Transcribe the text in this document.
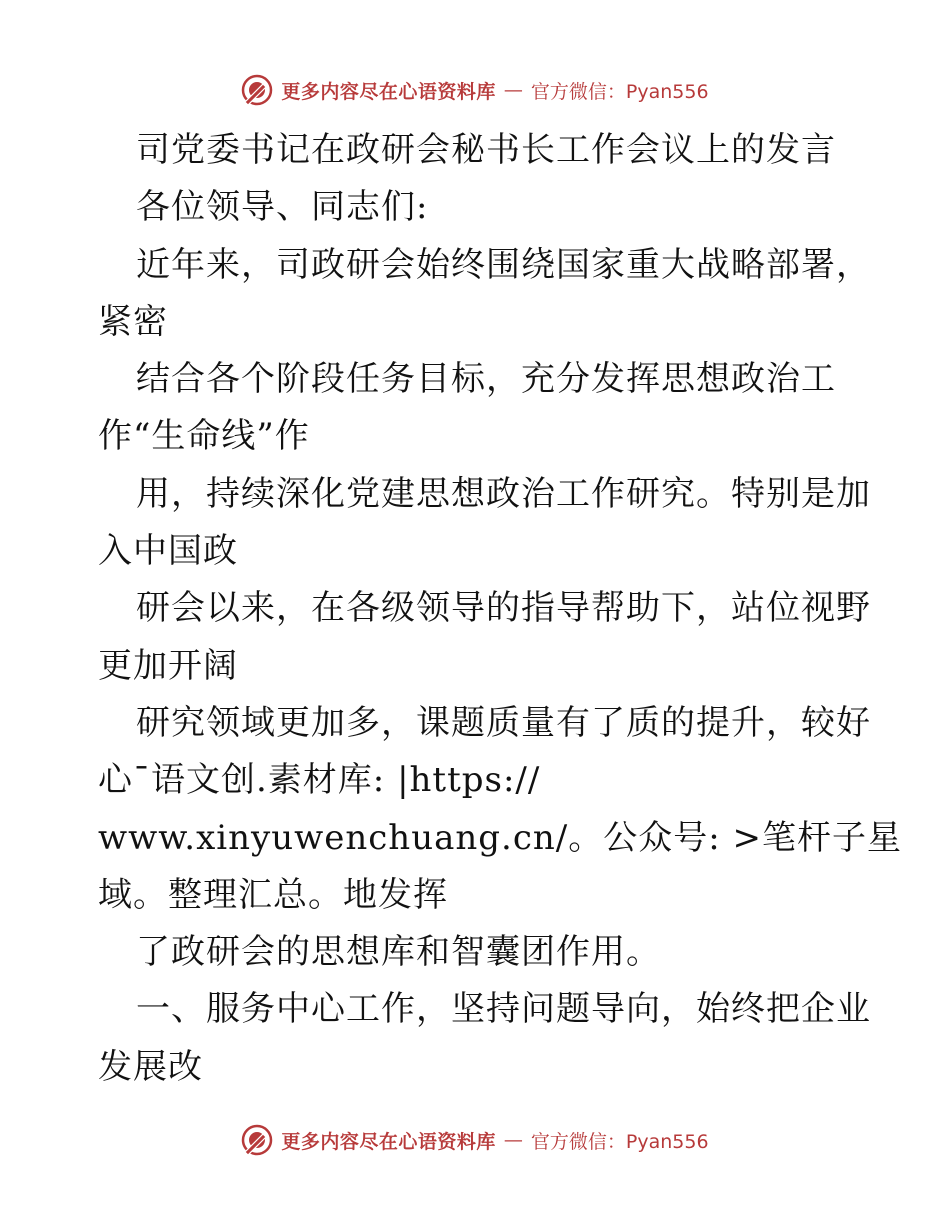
更多内容尽在心语资料库 — 官方微信：Pyan556
司党委书记在政研会秘书长工作会议上的发言
各位领导、同志们:
近年来，司政研会始终围绕国家重大战略部署，
紧密
结合各个阶段任务目标，充分发挥思想政治工
作“生命线”作
用，持续深化党建思想政治工作研究。特别是加
入中国政
研会以来，在各级领导的指导帮助下，站位视野
更加开阔
研究领域更加多，课题质量有了质的提升，较好
心¯语文创.素材库: |https://
www.xinyuwenchuang.cn/。公众号: >笔杆子星
域。整理汇总。地发挥
了政研会的思想库和智囊团作用。
一、服务中心工作，坚持问题导向，始终把企业
发展改
更多内容尽在心语资料库 — 官方微信：Pyan556
